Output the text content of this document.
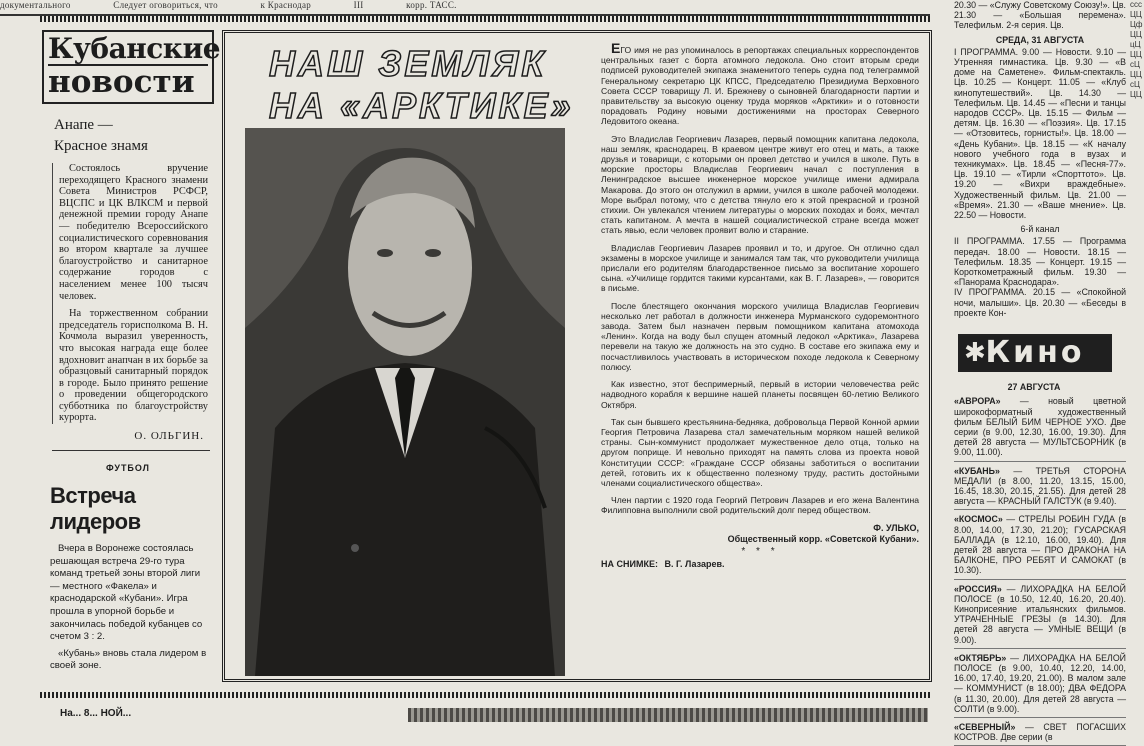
документального	Следует оговориться, что	к Краснодар	III	корр. ТАСС.
Кубанские
новости
Анапе —
Красное знамя

Состоялось вручение переходящего Красного знамени Совета Министров РСФСР, ВЦСПС и ЦК ВЛКСМ и первой денежной премии городу Анапе — победителю Всероссийского социалистического соревнования во втором квартале за лучшее благоустройство и санитарное содержание городов с населением менее 100 тысяч человек.

На торжественном собрании председатель горисполкома В. Н. Кочмола выразил уверенность, что высокая награда еще более вдохновит анапчан в их борьбе за образцовый санитарный порядок в городе. Было принято решение о проведении общегородского субботника по благоустройству курорта.

О. ОЛЬГИН.
ФУТБОЛ
Встреча лидеров

Вчера в Воронеже состоялась решающая встреча 29-го тура команд третьей зоны второй лиги — местного «Факела» и краснодарской «Кубани». Игра прошла в упорной борьбе и закончилась победой кубанцев со счетом 3 : 2.

«Кубань» вновь стала лидером в своей зоне.

НАШ ЗЕМЛЯК
НА «АРКТИКЕ»

ЕГО имя не раз упоминалось в репортажах специальных корреспондентов центральных газет с борта атомного ледокола. Оно стоит вторым среди подписей руководителей экипажа знаменитого теперь судна под телеграммой Генеральному секретарю ЦК КПСС, Председателю Президиума Верховного Совета СССР товарищу Л. И. Брежневу о сыновней благодарности партии и правительству за высокую оценку труда моряков «Арктики» и о готовности порадовать Родину новыми достижениями на просторах Северного Ледовитого океана.

Это Владислав Георгиевич Лазарев, первый помощник капитана ледокола, наш земляк, краснодарец. В краевом центре живут его отец и мать, а также друзья и товарищи, с которыми он провел детство и учился в школе. Путь в морские просторы Владислав Георгиевич начал с поступления в Ленинградское высшее инженерное морское училище имени адмирала Макарова. До этого он отслужил в армии, учился в школе рабочей молодежи. Море выбрал потому, что с детства тянуло его к этой прекрасной и грозной стихии. Он увлекался чтением литературы о морских походах и боях, мечтал стать капитаном. А мечта в нашей социалистической стране всегда может стать явью, если человек проявит волю и старание.

Владислав Георгиевич Лазарев проявил и то, и другое. Он отлично сдал экзамены в морское училище и занимался там так, что руководители училища прислали его родителям благодарственное письмо за воспитание хорошего сына. «Училище гордится такими курсантами, как В. Г. Лазарев», — говорится в письме.

После блестящего окончания морского училища Владислав Георгиевич несколько лет работал в должности инженера Мурманского судоремонтного завода. Затем был назначен первым помощником капитана атомохода «Ленин». Когда на воду был спущен атомный ледокол «Арктика», Лазарева перевели на такую же должность на это судно. В составе его экипажа ему и посчастливилось участвовать в историческом походе ледокола к Северному полюсу.

Как известно, этот беспримерный, первый в истории человечества рейс надводного корабля к вершине нашей планеты посвящен 60-летию Великого Октября.

Так сын бывшего крестьянина-бедняка, добровольца Первой Конной армии Георгия Петровича Лазарева стал замечательным моряком нашей великой страны. Сын-коммунист продолжает мужественное дело отца, только на другом поприще. И невольно приходят на память слова из проекта новой Конституции СССР: «Граждане СССР обязаны заботиться о воспитании детей, готовить их к общественно полезному труду, растить достойными членами социалистического общества».

Член партии с 1920 года Георгий Петрович Лазарев и его жена Валентина Филипповна выполнили свой родительский долг перед обществом.

Ф. УЛЬКО,
Общественный корр. «Советской Кубани».
* * *
НА СНИМКЕ: В. Г. Лазарев.

20.30 — «Служу Советскому Союзу!». Цв. 21.30 — «Большая перемена». Телефильм. 2-я серия. Цв.

СРЕДА, 31 АВГУСТА

I ПРОГРАММА. 9.00 — Новости. 9.10 — Утренняя гимнастика. Цв. 9.30 — «В доме на Саметене». Фильм-спектакль. Цв. 10.25 — Концерт. 11.05 — «Клуб кинопутешествий». Цв. 14.30 — Телефильм. Цв. 14.45 — «Песни и танцы народов СССР». Цв. 15.15 — Фильм — детям. Цв. 16.30 — «Поэзия». Цв. 17.15 — «Отзовитесь, горнисты!». Цв. 18.00 — «День Кубани». Цв. 18.15 — «К началу нового учебного года в вузах и техникумах». Цв. 18.45 — «Песня-77». Цв. 19.10 — «Тирли «Спорттото». Цв. 19.20 — «Вихри враждебные». Художественный фильм. Цв. 21.00 — «Время». 21.30 — «Ваше мнение». Цв. 22.50 — Новости.

6-й канал

II ПРОГРАММА. 17.55 — Программа передач. 18.00 — Новости. 18.15 — Телефильм. 18.35 — Концерт. 19.15 — Короткометражный фильм. 19.30 — «Панорама Краснодара».

IV ПРОГРАММА. 20.15 — «Спокойной ночи, малыши». Цв. 20.30 — «Беседы в проекте Кон-

✱
Кино
27 АВГУСТА
«АВРОРА» — новый цветной широкоформатный художественный фильм БЕЛЫЙ БИМ ЧЕРНОЕ УХО. Две серии (в 9.00, 12.30, 16.00, 19.30). Для детей 28 августа — МУЛЬТСБОРНИК (в 9.00, 11.00).
«КУБАНЬ» — ТРЕТЬЯ СТОРОНА МЕДАЛИ (в 8.00, 11.20, 13.15, 15.00, 16.45, 18.30, 20.15, 21.55). Для детей 28 августа — КРАСНЫЙ ГАЛСТУК (в 9.40).
«КОСМОС» — СТРЕЛЫ РОБИН ГУДА (в 8.00, 14.00, 17.30, 21.20); ГУСАРСКАЯ БАЛЛАДА (в 12.10, 16.00, 19.40). Для детей 28 августа — ПРО ДРАКОНА НА БАЛКОНЕ, ПРО РЕБЯТ И САМОКАТ (в 10.30).
«РОССИЯ» — ЛИХОРАДКА НА БЕЛОЙ ПОЛОСЕ (в 10.50, 12.40, 16.20, 20.40). Киноприсеяние итальянских фильмов. УТРАЧЕННЫЕ ГРЕЗЫ (в 14.30). Для детей 28 августа — УМНЫЕ ВЕЩИ (в 9.00).
«ОКТЯБРЬ» — ЛИХОРАДКА НА БЕЛОЙ ПОЛОСЕ (в 9.00, 10.40, 12.20, 14.00, 16.00, 17.40, 19.20, 21.00). В малом зале — КОММУНИСТ (в 18.00); ДВА ФЕДОРА (в 11.30, 20.00). Для детей 28 августа — СОЛТИ (в 9.00).
«СЕВЕРНЫЙ» — СВЕТ ПОГАСШИХ КОСТРОВ. Две серии (в
сссЦЦЦфЦЦцЦЦЦсЦЦЦсЦЦЦ
На... 8... НОЙ...
